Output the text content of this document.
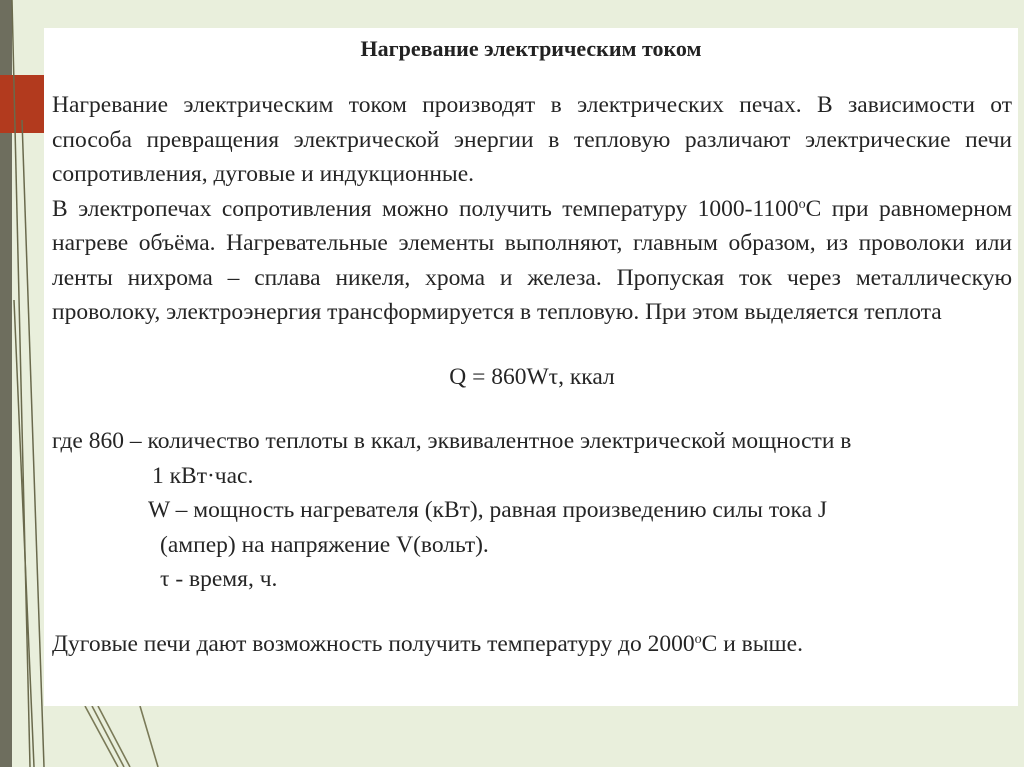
Нагревание электрическим током

Нагревание электрическим током производят в электрических печах. В зависимости от способа превращения электрической энергии в тепловую различают электрические печи сопротивления, дуговые и индукционные.

В электропечах сопротивления можно получить температуру $1000-1100^оС$ при равномерном нагреве объёма. Нагревательные элементы выполняют, главным образом, из проволоки или ленты нихрома – сплава никеля, хрома и железа. Пропуская ток через металлическую проволоку, электроэнергия трансформируется в тепловую. При этом выделяется теплота

Q = 860Wτ, ккал

где 860 – количество теплоты в ккал, эквивалентное электрической мощности в

1 кВт·час.

W – мощность нагревателя (кВт), равная произведению силы тока J

(ампер) на напряжение V(вольт).

τ - время, ч.

Дуговые печи дают возможность получить температуру до $2000^оС$ и выше.
